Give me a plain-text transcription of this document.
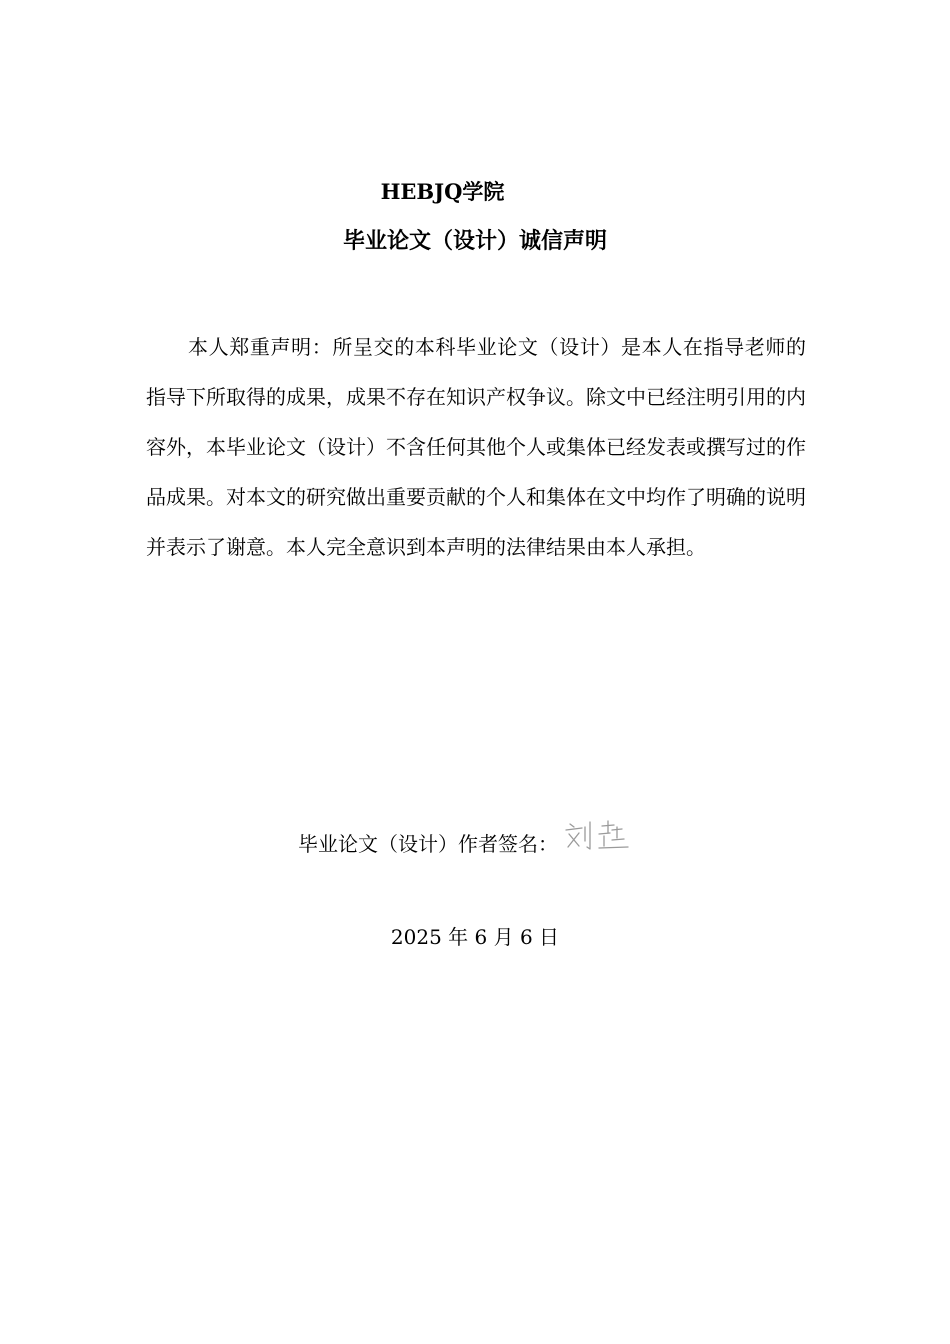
HEBJQ学院
毕业论文（设计）诚信声明

本人郑重声明：所呈交的本科毕业论文（设计）是本人在指导老师的指导下所取得的成果，成果不存在知识产权争议。除文中已经注明引用的内容外，本毕业论文（设计）不含任何其他个人或集体已经发表或撰写过的作品成果。对本文的研究做出重要贡献的个人和集体在文中均作了明确的说明并表示了谢意。本人完全意识到本声明的法律结果由本人承担。

毕业论文（设计）作者签名：
2025 年 6 月 6 日
